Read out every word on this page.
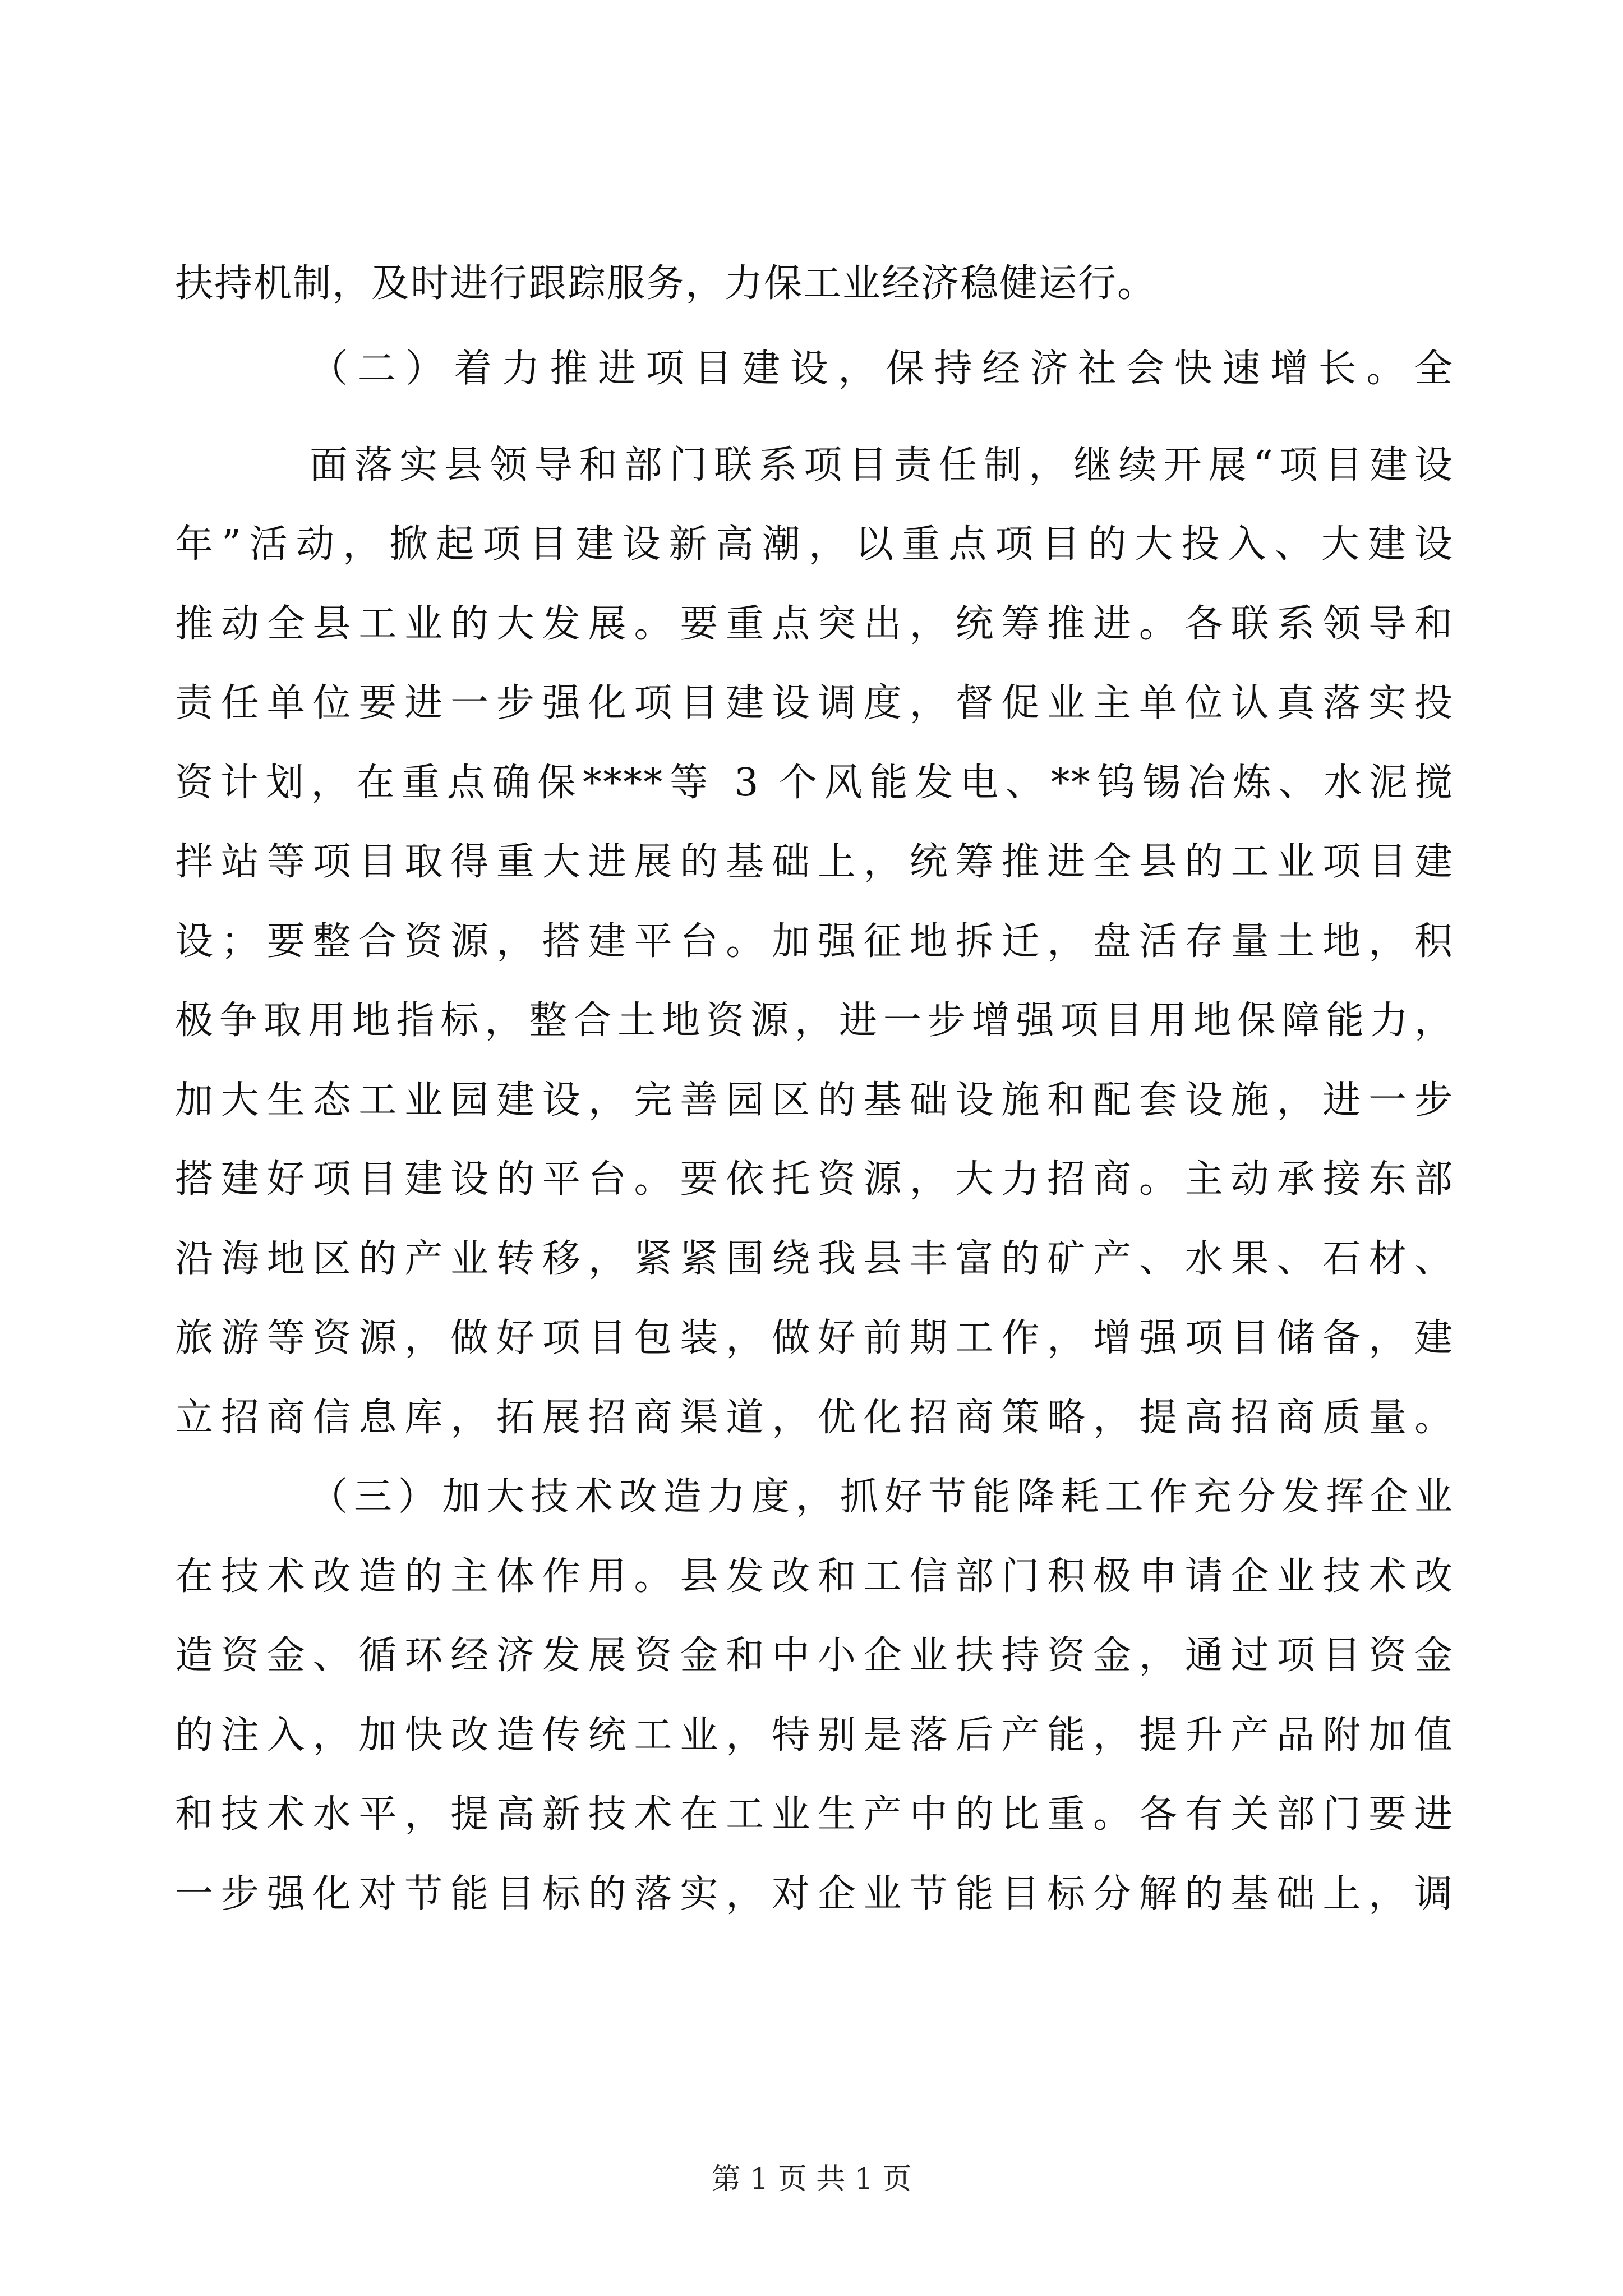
扶持机制，及时进行跟踪服务，力保工业经济稳健运行。
（二）着力推进项目建设，保持经济社会快速增长。全
面落实县领导和部门联系项目责任制，继续开展“项目建设
年”活动，掀起项目建设新高潮，以重点项目的大投入、大建设
推动全县工业的大发展。要重点突出，统筹推进。各联系领导和
责任单位要进一步强化项目建设调度，督促业主单位认真落实投
资计划，在重点确保****等 3 个风能发电、**钨锡冶炼、水泥搅
拌站等项目取得重大进展的基础上，统筹推进全县的工业项目建
设；要整合资源，搭建平台。加强征地拆迁，盘活存量土地，积
极争取用地指标，整合土地资源，进一步增强项目用地保障能力，
加大生态工业园建设，完善园区的基础设施和配套设施，进一步
搭建好项目建设的平台。要依托资源，大力招商。主动承接东部
沿海地区的产业转移，紧紧围绕我县丰富的矿产、水果、石材、
旅游等资源，做好项目包装，做好前期工作，增强项目储备，建
立招商信息库，拓展招商渠道，优化招商策略，提高招商质量。
（三）加大技术改造力度，抓好节能降耗工作充分发挥企业
在技术改造的主体作用。县发改和工信部门积极申请企业技术改
造资金、循环经济发展资金和中小企业扶持资金，通过项目资金
的注入，加快改造传统工业，特别是落后产能，提升产品附加值
和技术水平，提高新技术在工业生产中的比重。各有关部门要进
一步强化对节能目标的落实，对企业节能目标分解的基础上，调
第 1 页 共 1 页
